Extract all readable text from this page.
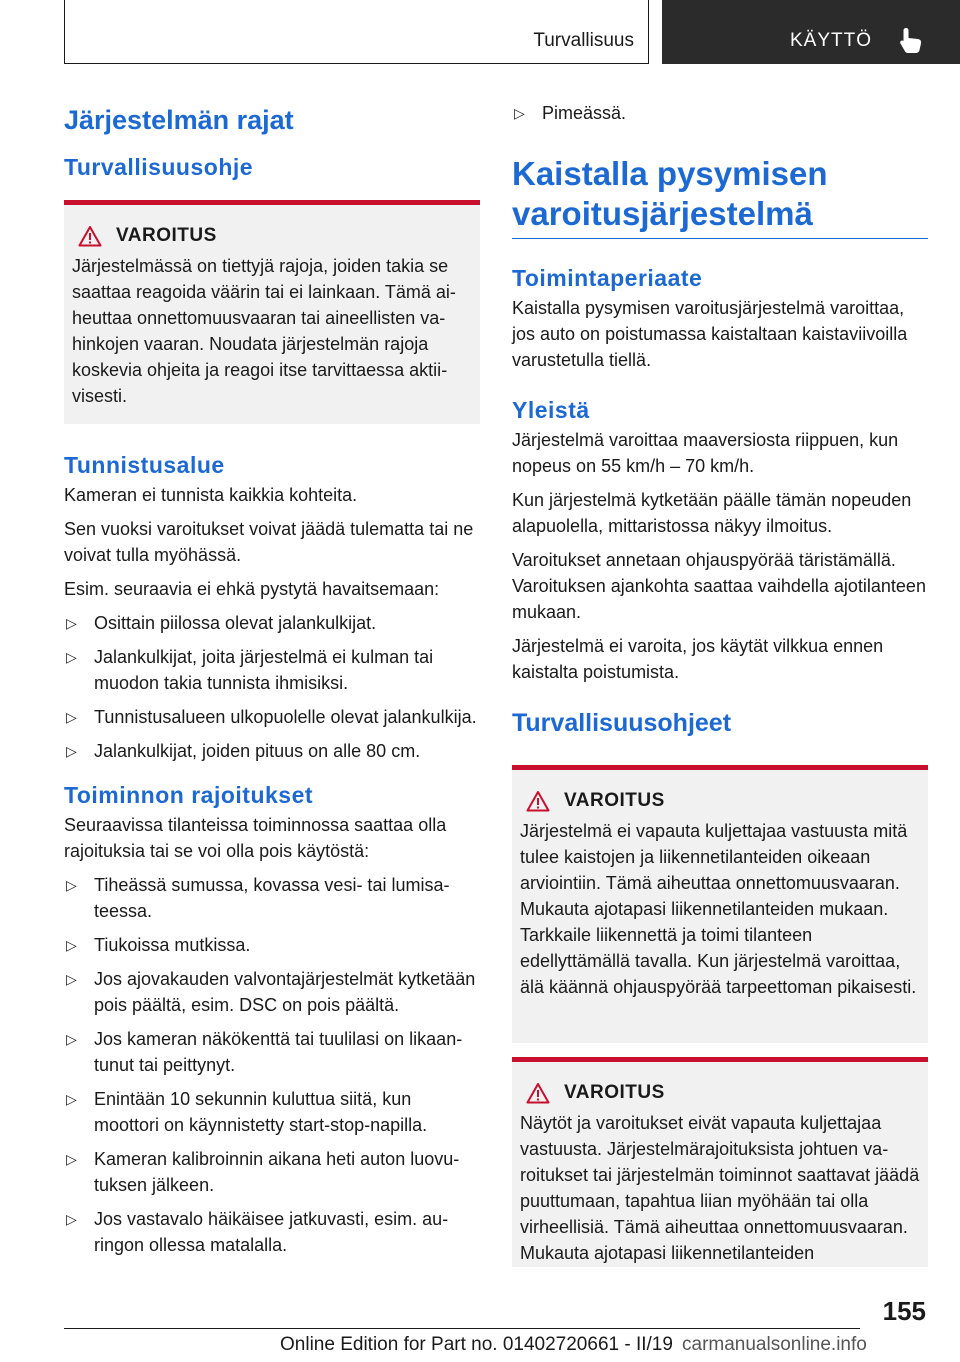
Turvallisuus	KÄYTTÖ
Järjestelmän rajat
Turvallisuusohje
VAROITUS

Järjestelmässä on tiettyjä rajoja, joiden takia se saattaa reagoida väärin tai ei lainkaan. Tämä aiheuttaa onnettomuusvaaran tai aineellisten vahinkojen vaaran. Noudata järjestelmän rajoja koskevia ohjeita ja reagoi itse tarvittaessa aktiivisesti.

Tunnistusalue

Kameran ei tunnista kaikkia kohteita.

Sen vuoksi varoitukset voivat jäädä tulematta tai ne voivat tulla myöhässä.

Esim. seuraavia ei ehkä pystytä havaitsemaan:

▷ Osittain piilossa olevat jalankulkijat.
▷ Jalankulkijat, joita järjestelmä ei kulman tai muodon takia tunnista ihmisiksi.
▷ Tunnistusalueen ulkopuolelle olevat jalankulkija.
▷ Jalankulkijat, joiden pituus on alle 80 cm.
Toiminnon rajoitukset

Seuraavissa tilanteissa toiminnossa saattaa olla rajoituksia tai se voi olla pois käytöstä:

▷ Tiheässä sumussa, kovassa vesi- tai lumisateessa.
▷ Tiukoissa mutkissa.
▷ Jos ajovakauden valvontajärjestelmät kytketään pois päältä, esim. DSC on pois päältä.
▷ Jos kameran näkökenttä tai tuulilasi on likaantunut tai peittynyt.
▷ Enintään 10 sekunnin kuluttua siitä, kun moottori on käynnistetty start-stop-napilla.
▷ Kameran kalibroinnin aikana heti auton luovutuksen jälkeen.
▷ Jos vastavalo häikäisee jatkuvasti, esim. auringon ollessa matalalla.
▷ Pimeässä.
Kaistalla pysymisen varoitusjärjestelmä
Toimintaperiaate

Kaistalla pysymisen varoitusjärjestelmä varoittaa, jos auto on poistumassa kaistaltaan kaistaviivoilla varustetulla tiellä.

Yleistä

Järjestelmä varoittaa maaversiosta riippuen, kun nopeus on 55 km/h – 70 km/h.

Kun järjestelmä kytketään päälle tämän nopeuden alapuolella, mittaristossa näkyy ilmoitus.

Varoitukset annetaan ohjauspyörää täristämällä. Varoituksen ajankohta saattaa vaihdella ajotilanteen mukaan.

Järjestelmä ei varoita, jos käytät vilkkua ennen kaistalta poistumista.

Turvallisuusohjeet
VAROITUS

Järjestelmä ei vapauta kuljettajaa vastuusta mitä tulee kaistojen ja liikennetilanteiden oikeaan arviointiin. Tämä aiheuttaa onnettomuusvaaran. Mukauta ajotapasi liikennetilanteiden mukaan. Tarkkaile liikennettä ja toimi tilanteen edellyttämällä tavalla. Kun järjestelmä varoittaa, älä käännä ohjauspyörää tarpeettoman pikaisesti.

VAROITUS

Näytöt ja varoitukset eivät vapauta kuljettajaa vastuusta. Järjestelmärajoituksista johtuen varoitukset tai järjestelmän toiminnot saattavat jäädä puuttumaan, tapahtua liian myöhään tai olla virheellisiä. Tämä aiheuttaa onnettomuusvaaran. Mukauta ajotapasi liikennetilanteiden

155
Online Edition for Part no. 01402720661 - II/19 carmanualsonline.info
